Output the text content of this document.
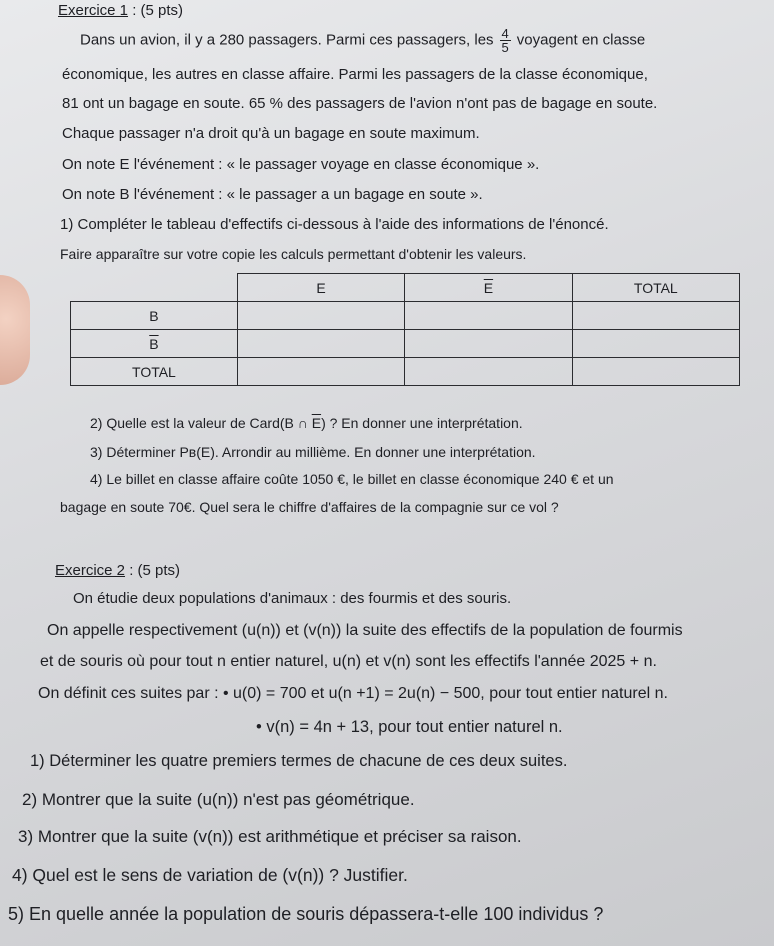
Exercice 1 : (5 pts)
Dans un avion, il y a 280 passagers. Parmi ces passagers, les $\frac{4}{5}$ voyagent en classe
économique, les autres en classe affaire. Parmi les passagers de la classe économique,
81 ont un bagage en soute. 65 % des passagers de l'avion n'ont pas de bagage en soute.
Chaque passager n'a droit qu'à un bagage en soute maximum.
On note E l'événement : « le passager voyage en classe économique ».
On note B l'événement : « le passager a un bagage en soute ».
1) Compléter le tableau d'effectifs ci-dessous à l'aide des informations de l'énoncé.
Faire apparaître sur votre copie les calculs permettant d'obtenir les valeurs.
	E	$\overline{E}$	TOTAL
B			
$\overline{B}$			
TOTAL			
2) Quelle est la valeur de Card(B ∩ $\overline{E}$) ? En donner une interprétation.
3) Déterminer Pʙ(E). Arrondir au millième. En donner une interprétation.
4) Le billet en classe affaire coûte 1050 €, le billet en classe économique 240 € et un
bagage en soute 70€. Quel sera le chiffre d'affaires de la compagnie sur ce vol ?
Exercice 2 : (5 pts)
On étudie deux populations d'animaux : des fourmis et des souris.
On appelle respectivement (u(n)) et (v(n)) la suite des effectifs de la population de fourmis
et de souris où pour tout n entier naturel, u(n) et v(n) sont les effectifs l'année 2025 + n.
On définit ces suites par : • u(0) = 700 et u(n +1) = 2u(n) − 500, pour tout entier naturel n.
• v(n) = 4n + 13, pour tout entier naturel n.
1) Déterminer les quatre premiers termes de chacune de ces deux suites.
2) Montrer que la suite (u(n)) n'est pas géométrique.
3) Montrer que la suite (v(n)) est arithmétique et préciser sa raison.
4) Quel est le sens de variation de (v(n)) ? Justifier.
5) En quelle année la population de souris dépassera-t-elle 100 individus ?
